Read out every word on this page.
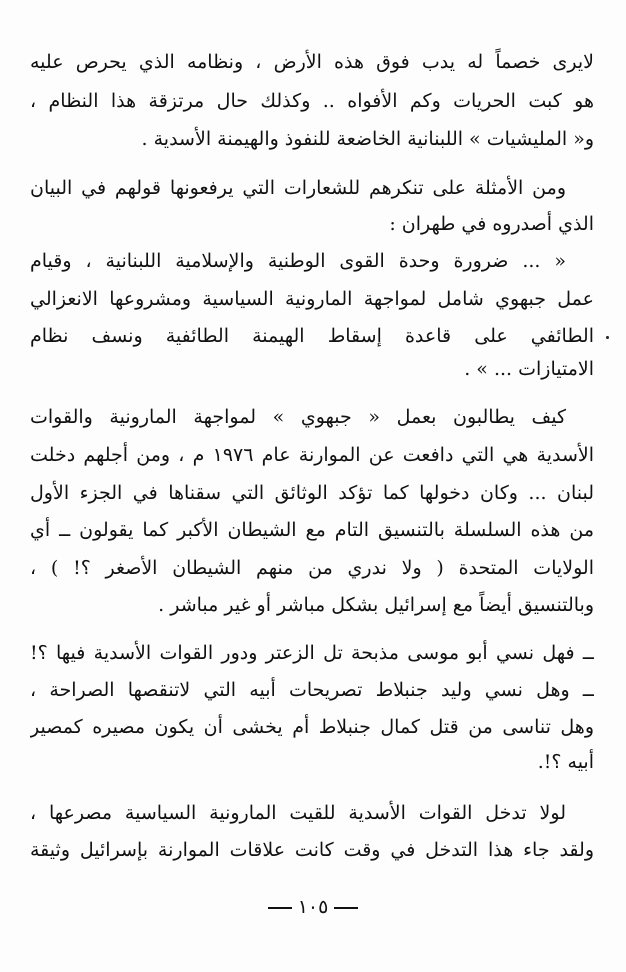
لايرى خصماً له يدب فوق هذه الأرض ، ونظامه الذي يحرص عليه
هو كبت الحريات وكم الأفواه .. وكذلك حال مرتزقة هذا النظام ،
و« المليشيات » اللبنانية الخاضعة للنفوذ والهيمنة الأسدية .
ومن الأمثلة على تنكرهم للشعارات التي يرفعونها قولهم في البيان
الذي أصدروه في طهران :
« ... ضرورة وحدة القوى الوطنية والإسلامية اللبنانية ، وقيام
عمل جبهوي شامل لمواجهة المارونية السياسية ومشروعها الانعزالي
الطائفي على قاعدة إسقاط الهيمنة الطائفية ونسف نظام
الامتيازات ... » .
كيف يطالبون بعمل « جبهوي » لمواجهة المارونية والقوات
الأسدية هي التي دافعت عن الموارنة عام ١٩٧٦ م ، ومن أجلهم دخلت
لبنان ... وكان دخولها كما تؤكد الوثائق التي سقناها في الجزء الأول
من هذه السلسلة بالتنسيق التام مع الشيطان الأكبر كما يقولون ــ أي
الولايات المتحدة ( ولا ندري من منهم الشيطان الأصغر ؟! ) ،
وبالتنسيق أيضاً مع إسرائيل بشكل مباشر أو غير مباشر .
ــ فهل نسي أبو موسى مذبحة تل الزعتر ودور القوات الأسدية فيها ؟!
ــ وهل نسي وليد جنبلاط تصريحات أبيه التي لاتنقصها الصراحة ،
وهل تناسى من قتل كمال جنبلاط أم يخشى أن يكون مصيره كمصير
أبيه ؟!.
لولا تدخل القوات الأسدية للقيت المارونية السياسية مصرعها ،
ولقد جاء هذا التدخل في وقت كانت علاقات الموارنة بإسرائيل وثيقة
١٠٥
